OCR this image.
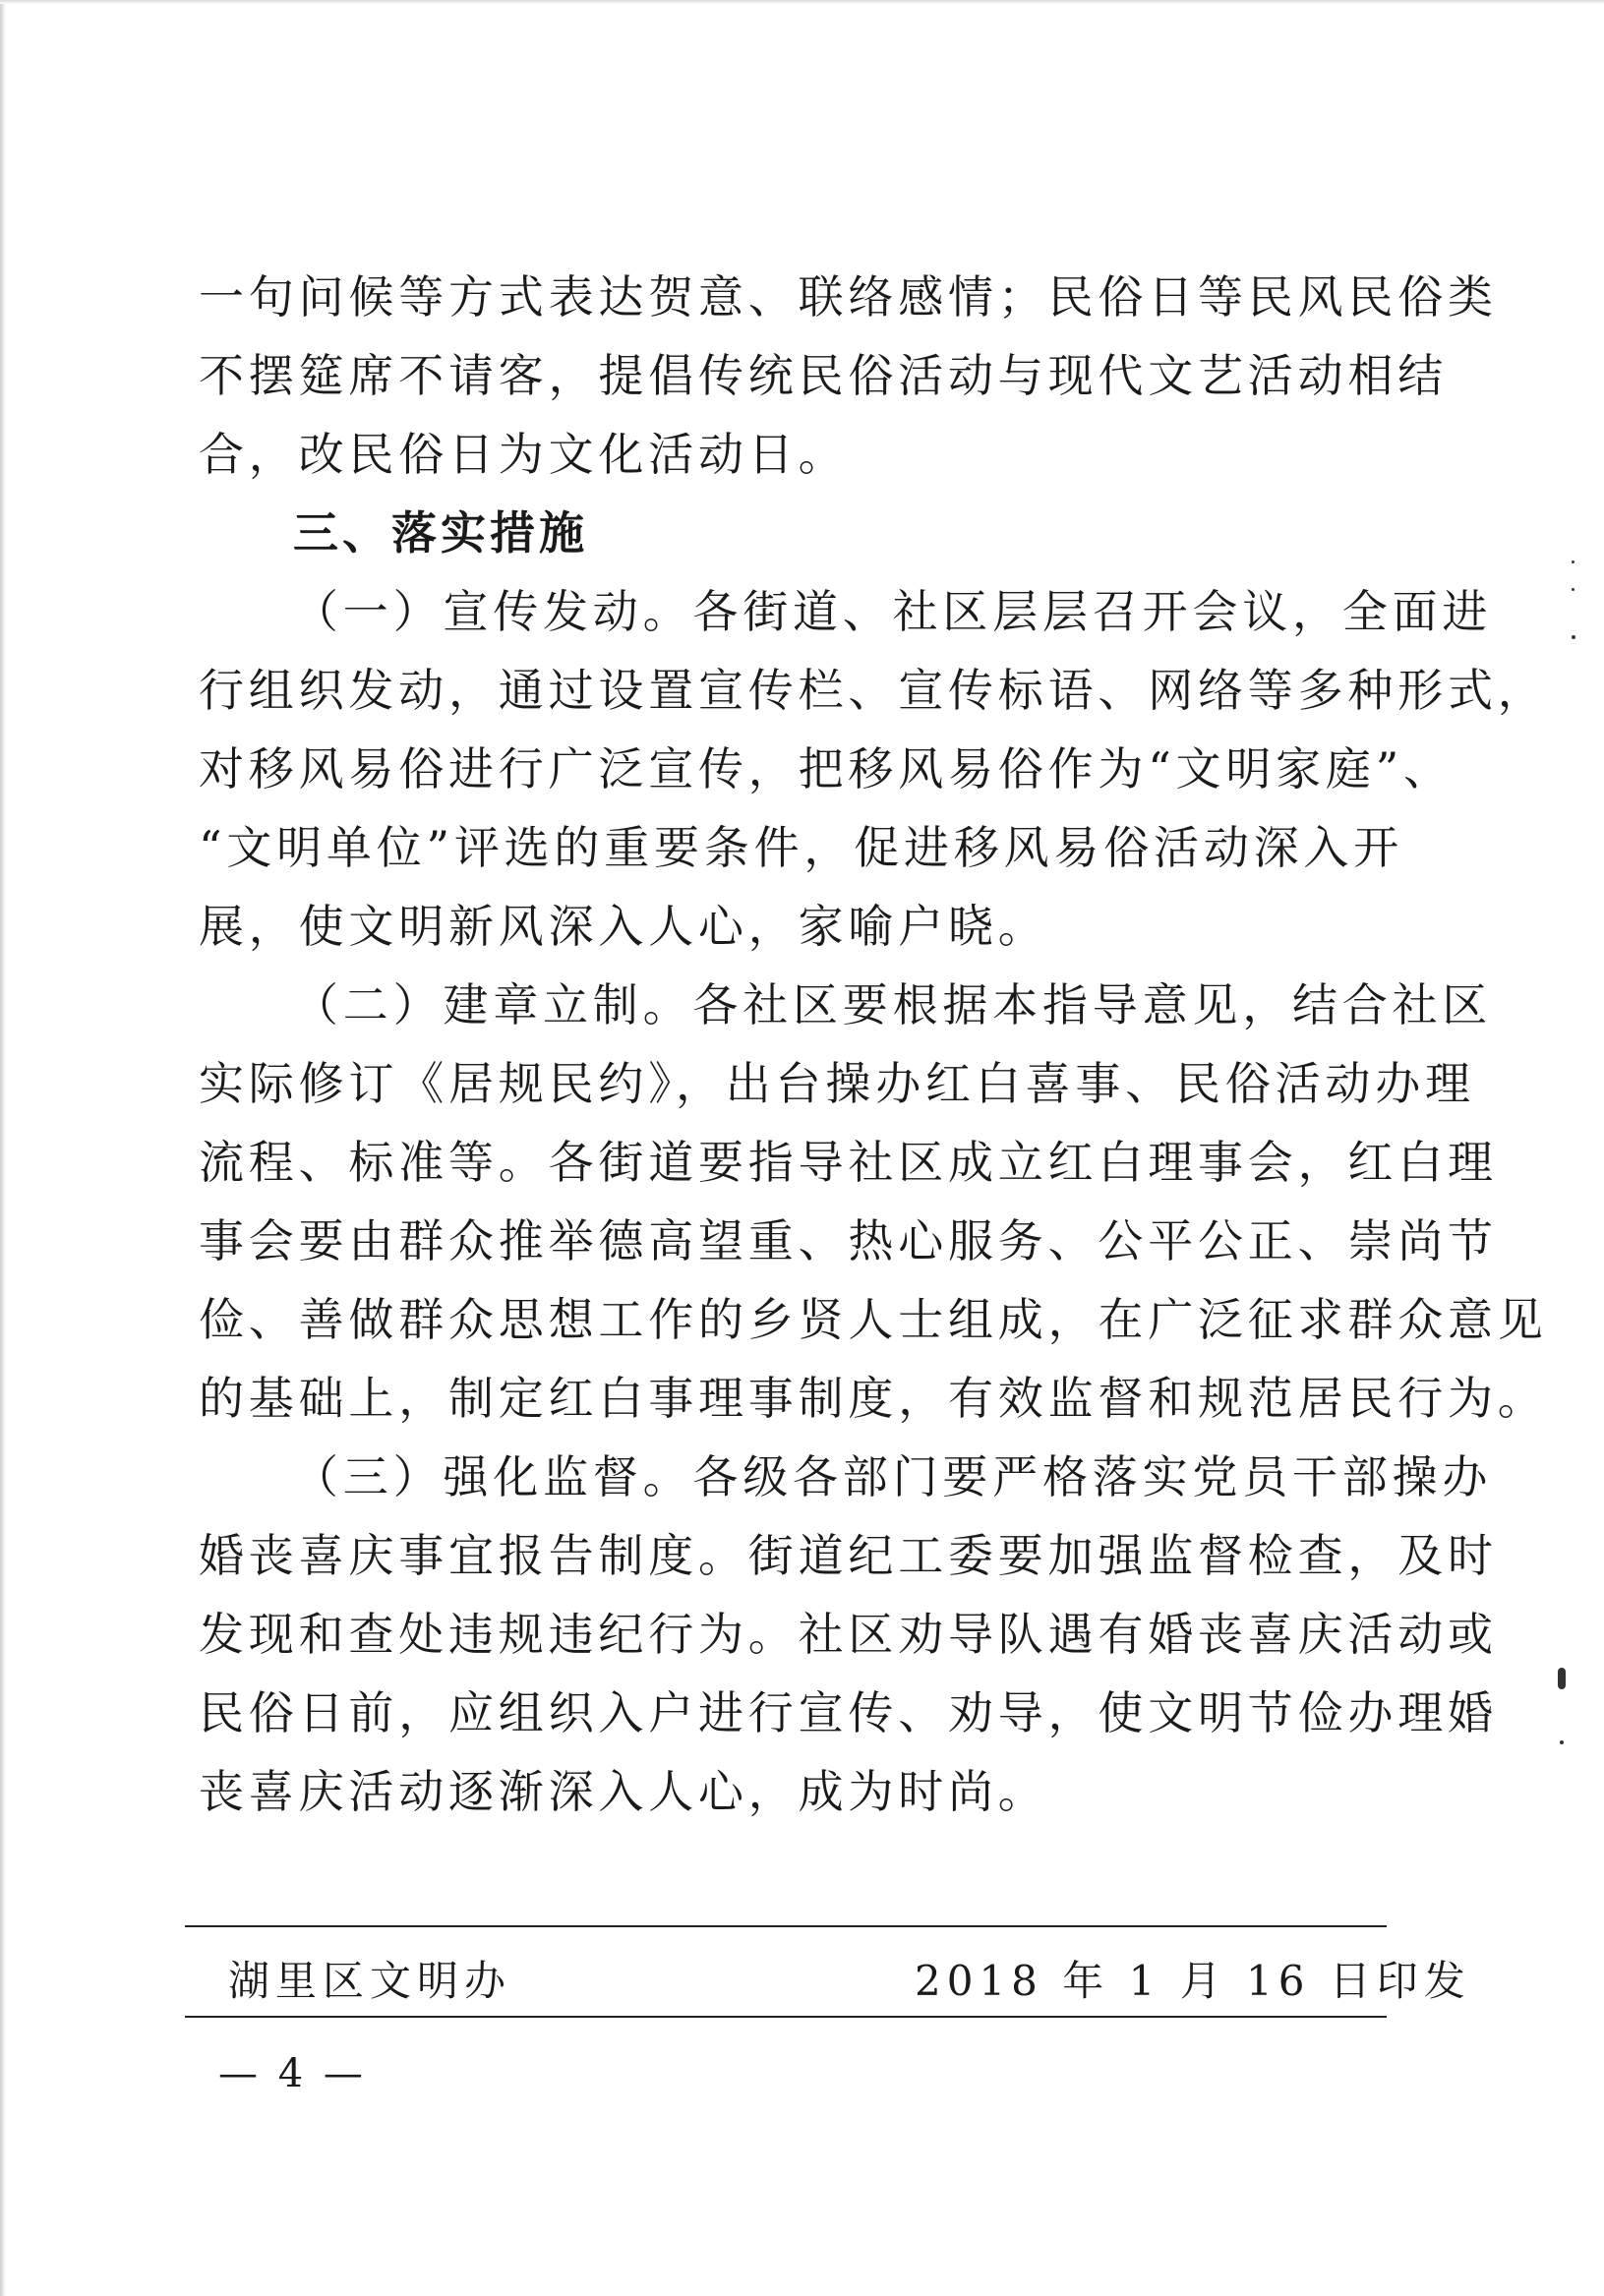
一句问候等方式表达贺意、联络感情；民俗日等民风民俗类
不摆筵席不请客，提倡传统民俗活动与现代文艺活动相结
合，改民俗日为文化活动日。
三、落实措施
（一）宣传发动。各街道、社区层层召开会议，全面进
行组织发动，通过设置宣传栏、宣传标语、网络等多种形式，
对移风易俗进行广泛宣传，把移风易俗作为“文明家庭”、
“文明单位”评选的重要条件，促进移风易俗活动深入开
展，使文明新风深入人心，家喻户晓。
（二）建章立制。各社区要根据本指导意见，结合社区
实际修订《居规民约》，出台操办红白喜事、民俗活动办理
流程、标准等。各街道要指导社区成立红白理事会，红白理
事会要由群众推举德高望重、热心服务、公平公正、崇尚节
俭、善做群众思想工作的乡贤人士组成，在广泛征求群众意见
的基础上，制定红白事理事制度，有效监督和规范居民行为。
（三）强化监督。各级各部门要严格落实党员干部操办
婚丧喜庆事宜报告制度。街道纪工委要加强监督检查，及时
发现和查处违规违纪行为。社区劝导队遇有婚丧喜庆活动或
民俗日前，应组织入户进行宣传、劝导，使文明节俭办理婚
丧喜庆活动逐渐深入人心，成为时尚。
湖里区文明办	2018 年 1 月 16 日印发
— 4 —
